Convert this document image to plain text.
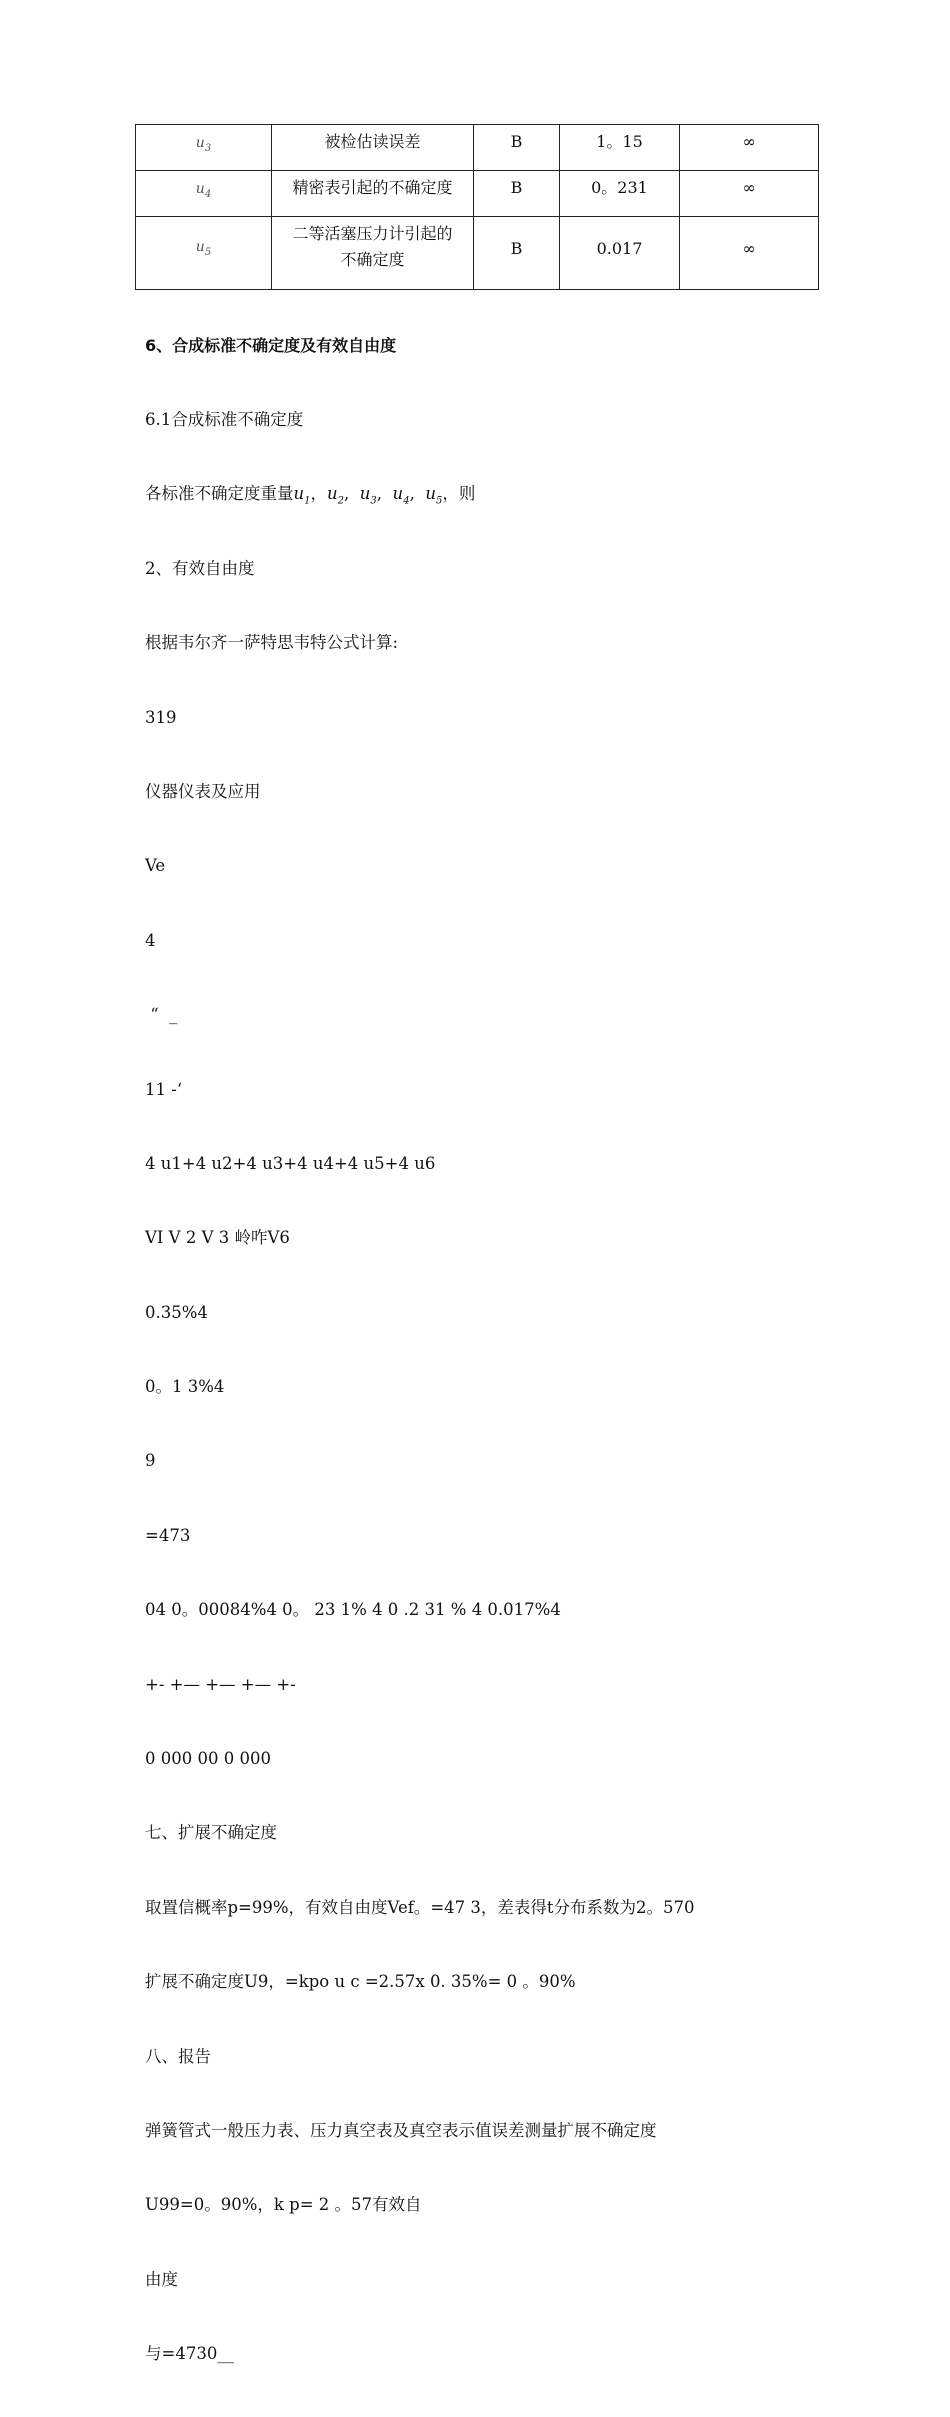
$u_3$	被检估读误差	B	1。15	∞
$u_4$	精密表引起的不确定度	B	0。231	∞
$u_5$	二等活塞压力计引起的不确定度	B	0.017	∞

6、合成标准不确定度及有效自由度

6.1合成标准不确定度

各标准不确定度重量$u_1$，$u_2$,  $u_3$,  $u_4$,  $u_5$，则

2、有效自由度

根据韦尔齐一萨特思韦特公式计算:

319

仪器仪表及应用

Ve

4

“  _

11 -‘

4 u1+4 u2+4 u3+4 u4+4 u5+4 u6

VI V 2 V 3 岭咋V6

0.35%4

0。1 3%4

9

=473

04 0。00084%4 0。 23 1% 4 0 .2 31 % 4 0.017%4

+- +— +— +— +-

0 000 00 0 000

七、扩展不确定度

取置信概率p=99%，有效自由度Vef。=47 3，差表得t分布系数为2。570

扩展不确定度U9，=kpo u c =2.57x 0. 35%= 0 。90%

八、报告

弹簧管式一般压力表、压力真空表及真空表示值误差测量扩展不确定度

U99=0。90%，k p= 2 。57有效自

由度

与=4730__
